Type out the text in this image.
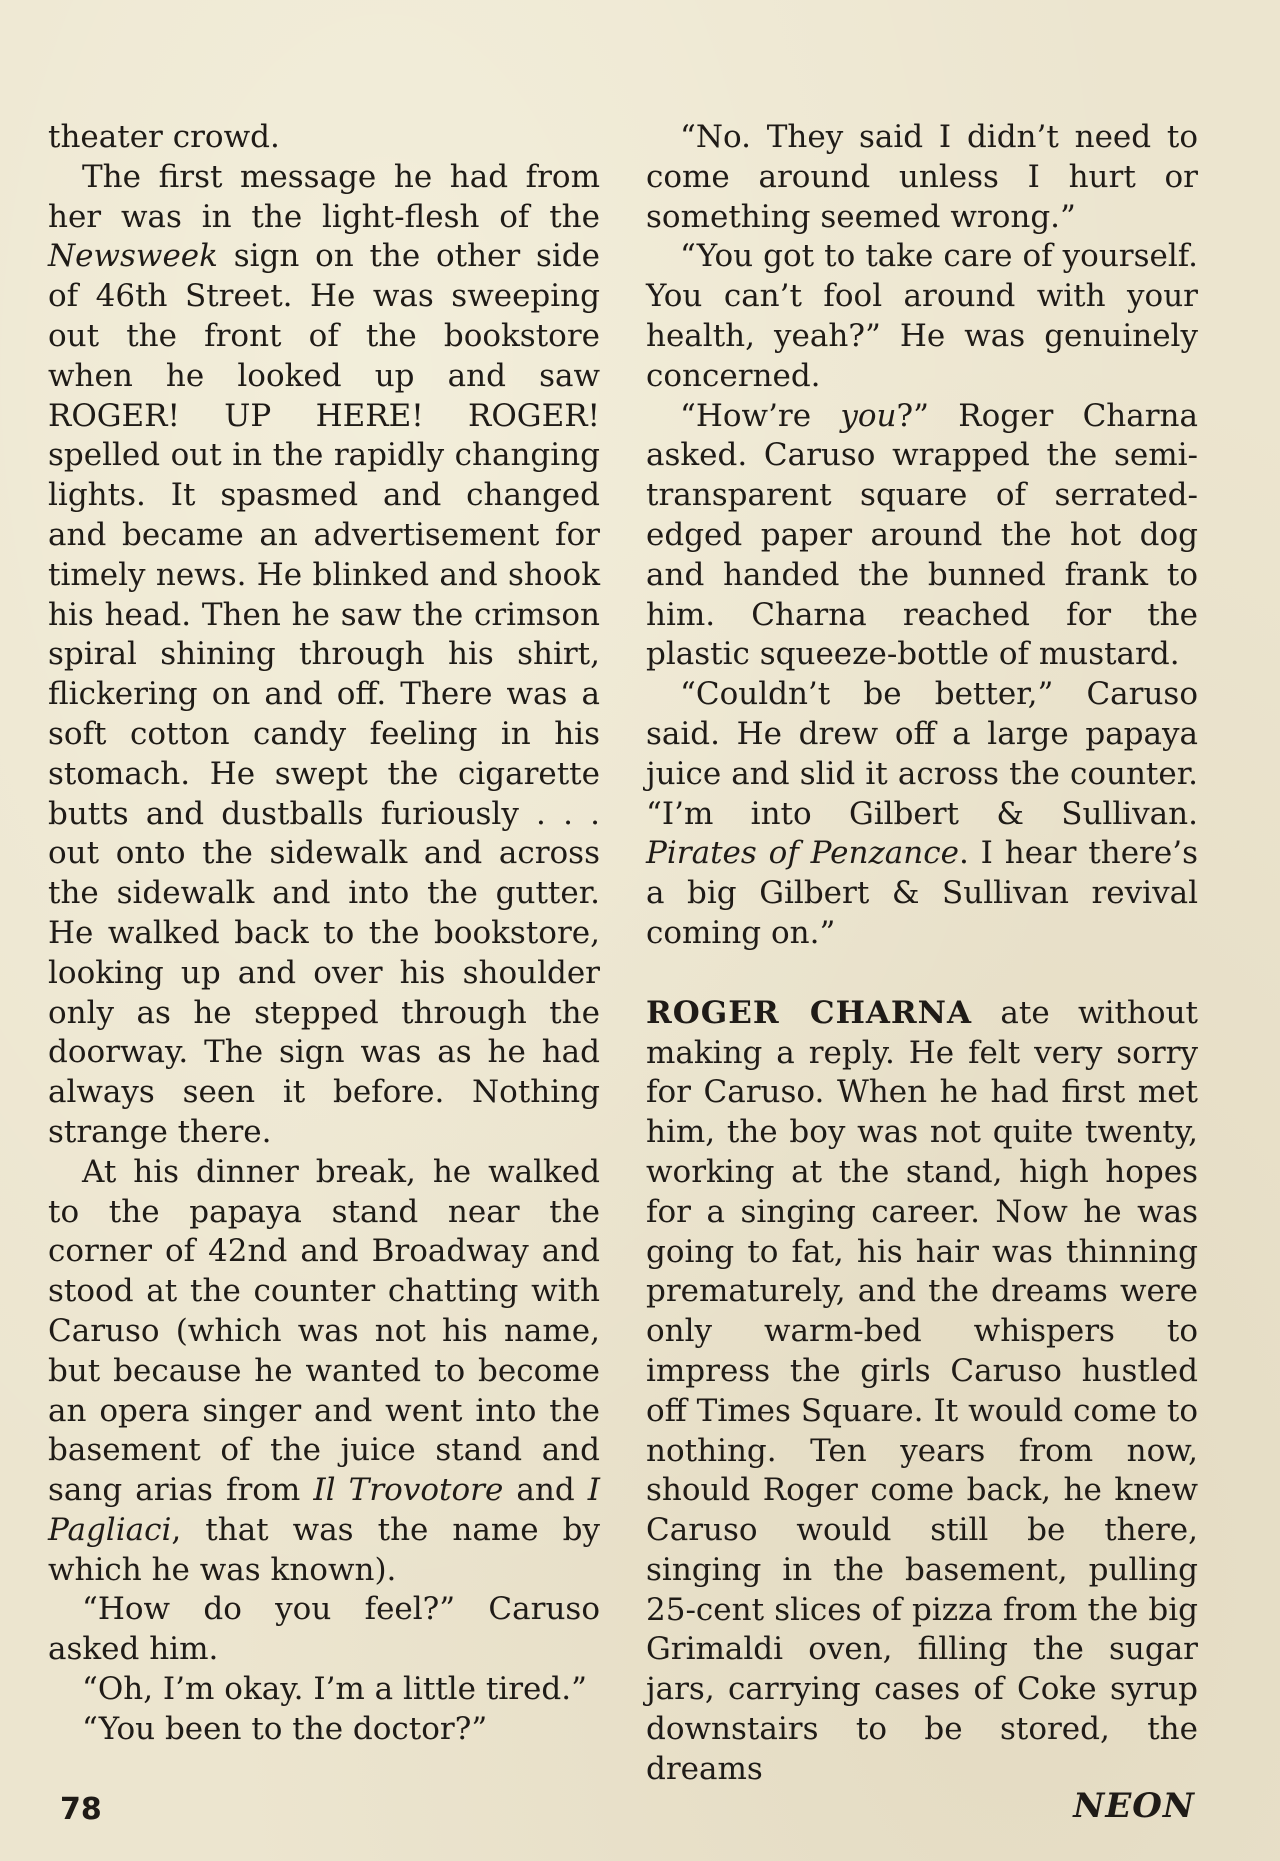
theater crowd.

The first message he had from her was in the light-flesh of the Newsweek sign on the other side of 46th Street. He was sweeping out the front of the bookstore when he looked up and saw ROGER! UP HERE! ROGER! spelled out in the rapidly changing lights. It spasmed and changed and became an advertisement for timely news. He blinked and shook his head. Then he saw the crimson spiral shining through his shirt, flickering on and off. There was a soft cotton candy feeling in his stomach. He swept the cigarette butts and dustballs furiously . . . out onto the sidewalk and across the sidewalk and into the gutter. He walked back to the bookstore, looking up and over his shoulder only as he stepped through the doorway. The sign was as he had always seen it before. Nothing strange there.

At his dinner break, he walked to the papaya stand near the corner of 42nd and Broadway and stood at the counter chatting with Caruso (which was not his name, but because he wanted to become an opera singer and went into the basement of the juice stand and sang arias from Il Trovotore and I Pagliaci, that was the name by which he was known).

“How do you feel?” Caruso asked him.

“Oh, I’m okay. I’m a little tired.”

“You been to the doctor?”

“No. They said I didn’t need to come around unless I hurt or something seemed wrong.”

“You got to take care of yourself. You can’t fool around with your health, yeah?” He was genuinely concerned.

“How’re you?” Roger Charna asked. Caruso wrapped the semi-transparent square of serrated-edged paper around the hot dog and handed the bunned frank to him. Charna reached for the plastic squeeze-bottle of mustard.

“Couldn’t be better,” Caruso said. He drew off a large papaya juice and slid it across the counter. “I’m into Gilbert & Sullivan. Pirates of Penzance. I hear there’s a big Gilbert & Sullivan revival coming on.”

ROGER CHARNA ate without making a reply. He felt very sorry for Caruso. When he had first met him, the boy was not quite twenty, working at the stand, high hopes for a singing career. Now he was going to fat, his hair was thinning prematurely, and the dreams were only warm-bed whispers to impress the girls Caruso hustled off Times Square. It would come to nothing. Ten years from now, should Roger come back, he knew Caruso would still be there, singing in the basement, pulling 25-cent slices of pizza from the big Grimaldi oven, filling the sugar jars, carrying cases of Coke syrup downstairs to be stored, the dreams

78	NEON
